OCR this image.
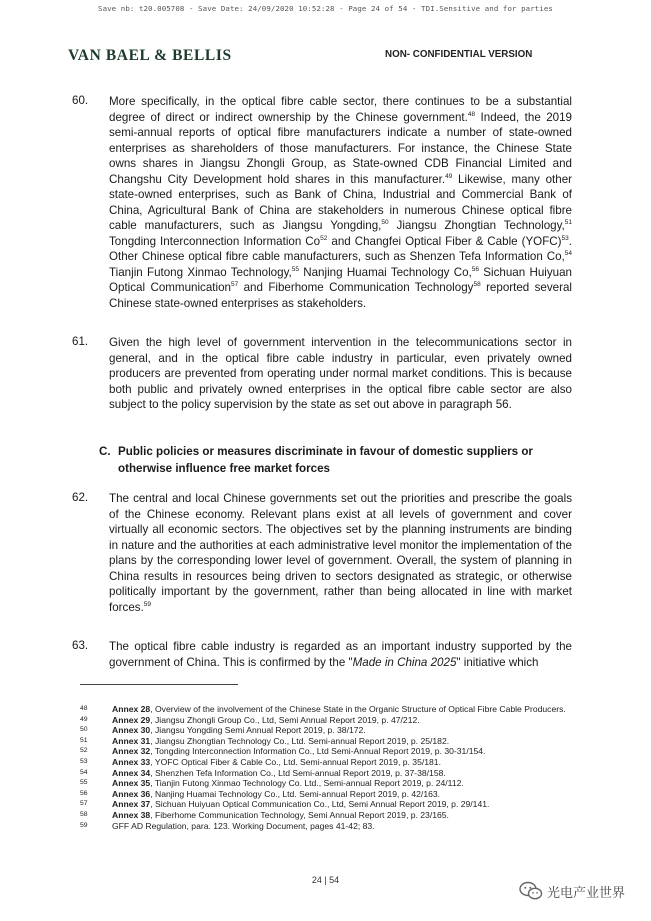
Save nb: t20.005708 - Save Date: 24/09/2020 10:52:28 - Page 24 of 54 - TDI.Sensitive and for parties
VAN BAEL & BELLIS	NON- CONFIDENTIAL VERSION
60. More specifically, in the optical fibre cable sector, there continues to be a substantial degree of direct or indirect ownership by the Chinese government.$^{48}$ Indeed, the 2019 semi-annual reports of optical fibre manufacturers indicate a number of state-owned enterprises as shareholders of those manufacturers. For instance, the Chinese State owns shares in Jiangsu Zhongli Group, as State-owned CDB Financial Limited and Changshu City Development hold shares in this manufacturer.$^{49}$ Likewise, many other state-owned enterprises, such as Bank of China, Industrial and Commercial Bank of China, Agricultural Bank of China are stakeholders in numerous Chinese optical fibre cable manufacturers, such as Jiangsu Yongding,$^{50}$ Jiangsu Zhongtian Technology,$^{51}$ Tongding Interconnection Information Co$^{52}$ and Changfei Optical Fiber & Cable (YOFC)$^{53}$. Other Chinese optical fibre cable manufacturers, such as Shenzen Tefa Information Co,$^{54}$ Tianjin Futong Xinmao Technology,$^{55}$ Nanjing Huamai Technology Co,$^{56}$ Sichuan Huiyuan Optical Communication$^{57}$ and Fiberhome Communication Technology$^{58}$ reported several Chinese state-owned enterprises as stakeholders.
61. Given the high level of government intervention in the telecommunications sector in general, and in the optical fibre cable industry in particular, even privately owned producers are prevented from operating under normal market conditions. This is because both public and privately owned enterprises in the optical fibre cable sector are also subject to the policy supervision by the state as set out above in paragraph 56.
C. Public policies or measures discriminate in favour of domestic suppliers or otherwise influence free market forces
62. The central and local Chinese governments set out the priorities and prescribe the goals of the Chinese economy. Relevant plans exist at all levels of government and cover virtually all economic sectors. The objectives set by the planning instruments are binding in nature and the authorities at each administrative level monitor the implementation of the plans by the corresponding lower level of government. Overall, the system of planning in China results in resources being driven to sectors designated as strategic, or otherwise politically important by the government, rather than being allocated in line with market forces.$^{59}$
63. The optical fibre cable industry is regarded as an important industry supported by the government of China. This is confirmed by the "Made in China 2025" initiative which
48	Annex 28, Overview of the involvement of the Chinese State in the Organic Structure of Optical Fibre Cable Producers.
49	Annex 29, Jiangsu Zhongli Group Co., Ltd, Semi Annual Report 2019, p. 47/212.
50	Annex 30, Jiangsu Yongding Semi Annual Report 2019, p. 38/172.
51	Annex 31, Jiangsu Zhongtian Technology Co., Ltd. Semi-annual Report 2019, p. 25/182.
52	Annex 32, Tongding Interconnection Information Co., Ltd Semi-Annual Report 2019, p. 30-31/154.
53	Annex 33, YOFC Optical Fiber & Cable Co., Ltd. Semi-annual Report 2019, p. 35/181.
54	Annex 34, Shenzhen Tefa Information Co., Ltd Semi-annual Report 2019, p. 37-38/158.
55	Annex 35, Tianjin Futong Xinmao Technology Co. Ltd., Semi-annual Report 2019, p. 24/112.
56	Annex 36, Nanjing Huamai Technology Co., Ltd. Semi-annual Report 2019, p. 42/163.
57	Annex 37, Sichuan Huiyuan Optical Communication Co., Ltd, Semi Annual Report 2019, p. 29/141.
58	Annex 38, Fiberhome Communication Technology, Semi Annual Report 2019, p. 23/165.
59	GFF AD Regulation, para. 123. Working Document, pages 41-42; 83.
24 | 54
光电产业世界
